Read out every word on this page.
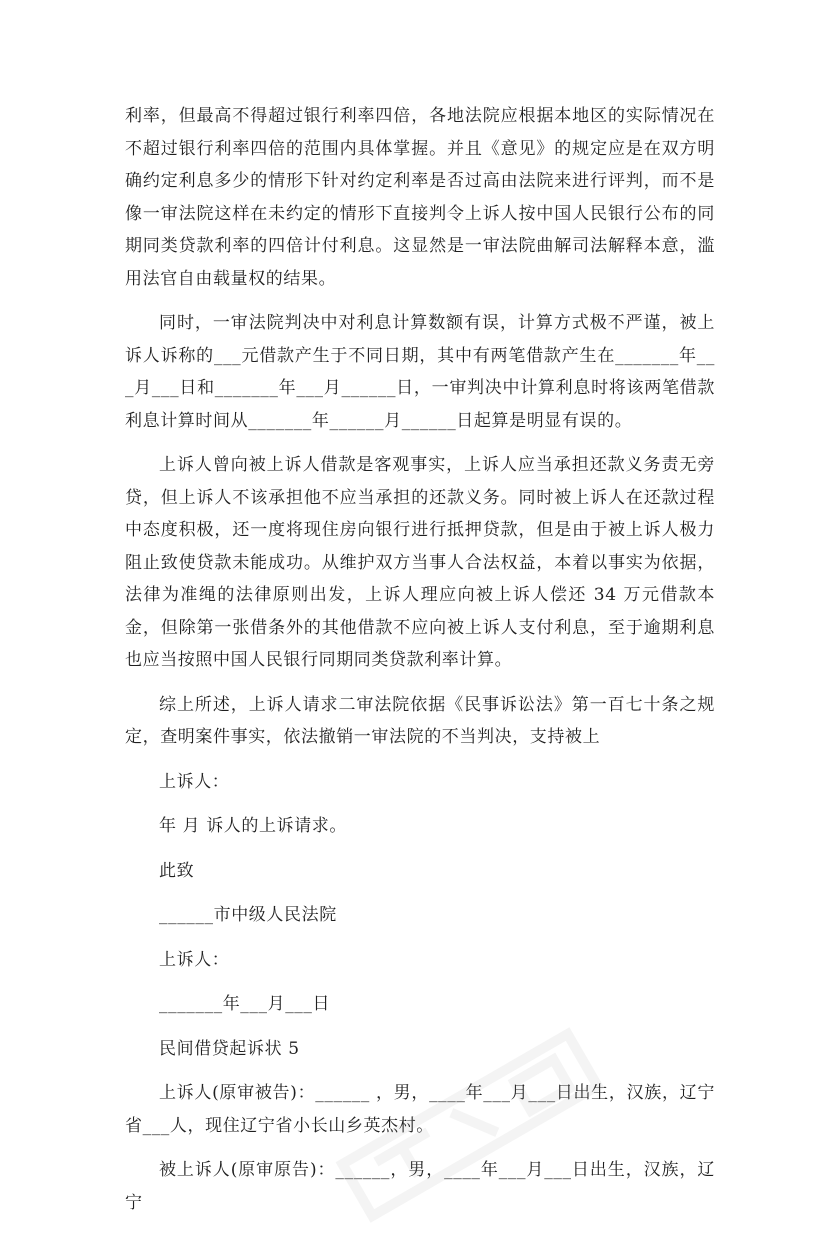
利率，但最高不得超过银行利率四倍，各地法院应根据本地区的实际情况在不超过银行利率四倍的范围内具体掌握。并且《意见》的规定应是在双方明确约定利息多少的情形下针对约定利率是否过高由法院来进行评判，而不是像一审法院这样在未约定的情形下直接判令上诉人按中国人民银行公布的同期同类贷款利率的四倍计付利息。这显然是一审法院曲解司法解释本意，滥用法官自由载量权的结果。

同时，一审法院判决中对利息计算数额有误，计算方式极不严谨，被上诉人诉称的___元借款产生于不同日期，其中有两笔借款产生在_______年___月___日和_______年___月______日，一审判决中计算利息时将该两笔借款利息计算时间从_______年______月______日起算是明显有误的。

上诉人曾向被上诉人借款是客观事实，上诉人应当承担还款义务责无旁贷，但上诉人不该承担他不应当承担的还款义务。同时被上诉人在还款过程中态度积极，还一度将现住房向银行进行抵押贷款，但是由于被上诉人极力阻止致使贷款未能成功。从维护双方当事人合法权益，本着以事实为依据，法律为准绳的法律原则出发，上诉人理应向被上诉人偿还 34 万元借款本金，但除第一张借条外的其他借款不应向被上诉人支付利息，至于逾期利息也应当按照中国人民银行同期同类贷款利率计算。

综上所述，上诉人请求二审法院依据《民事诉讼法》第一百七十条之规定，查明案件事实，依法撤销一审法院的不当判决，支持被上

上诉人：

年 月 诉人的上诉请求。

此致

______市中级人民法院

上诉人：

_______年___月___日

民间借贷起诉状 5

上诉人(原审被告)：______ ，男，____年___月___日出生，汉族，辽宁省___人，现住辽宁省小长山乡英杰村。

被上诉人(原审原告)：______，男，____年___月___日出生，汉族，辽宁
